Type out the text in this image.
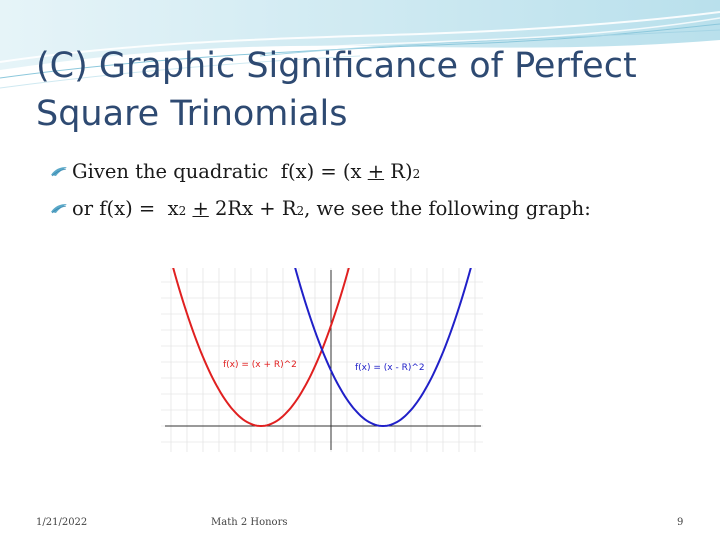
(C) Graphic Significance of Perfect Square Trinomials
Given the quadratic  f(x) = (x + R) 2
or f(x) =  x 2
+ 2Rx + R 2 , we see the following graph:
f(x) = (x + R)^2	f(x) = (x - R)^2
1/21/2022	Math 2 Honors	9
